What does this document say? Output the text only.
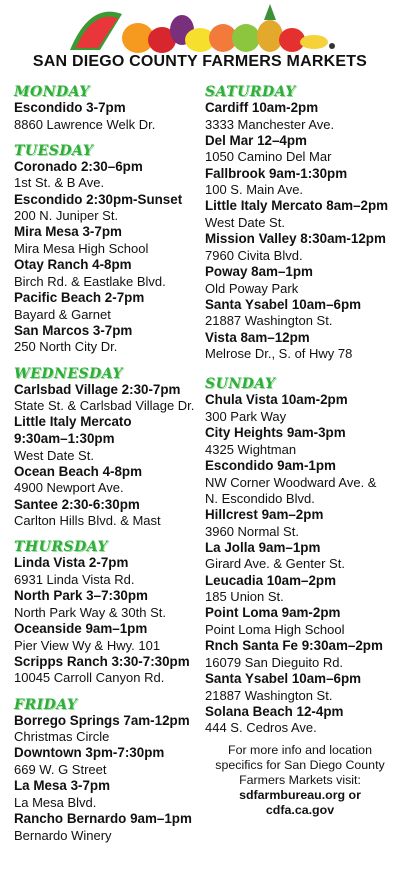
SAN DIEGO COUNTY FARMERS MARKETS
MONDAY
Escondido 3-7pm
8860 Lawrence Welk Dr.
TUESDAY
Coronado 2:30–6pm
1st St. & B Ave.
Escondido 2:30pm-Sunset
200 N. Juniper St.
Mira Mesa 3-7pm
Mira Mesa High School
Otay Ranch 4-8pm
Birch Rd. & Eastlake Blvd.
Pacific Beach 2-7pm
Bayard & Garnet
San Marcos 3-7pm
250 North City Dr.
WEDNESDAY
Carlsbad Village 2:30-7pm
State St. & Carlsbad Village Dr.
Little Italy Mercato
9:30am–1:30pm
West Date St.
Ocean Beach 4-8pm
4900 Newport Ave.
Santee 2:30-6:30pm
Carlton Hills Blvd. & Mast
THURSDAY
Linda Vista 2-7pm
6931 Linda Vista Rd.
North Park 3–7:30pm
North Park Way & 30th St.
Oceanside 9am–1pm
Pier View Wy & Hwy. 101
Scripps Ranch 3:30-7:30pm
10045 Carroll Canyon Rd.
FRIDAY
Borrego Springs 7am-12pm
Christmas Circle
Downtown 3pm-7:30pm
669 W. G Street
La Mesa 3-7pm
La Mesa Blvd.
Rancho Bernardo 9am–1pm
Bernardo Winery
SATURDAY
Cardiff 10am-2pm
3333 Manchester Ave.
Del Mar 12–4pm
1050 Camino Del Mar
Fallbrook 9am-1:30pm
100 S. Main Ave.
Little Italy Mercato 8am–2pm
West Date St.
Mission Valley 8:30am-12pm
7960 Civita Blvd.
Poway 8am–1pm
Old Poway Park
Santa Ysabel 10am–6pm
21887 Washington St.
Vista 8am–12pm
Melrose Dr., S. of Hwy 78
SUNDAY
Chula Vista 10am-2pm
300 Park Way
City Heights 9am-3pm
4325 Wightman
Escondido 9am-1pm
NW Corner Woodward Ave. &
N. Escondido Blvd.
Hillcrest 9am–2pm
3960 Normal St.
La Jolla 9am–1pm
Girard Ave. & Genter St.
Leucadia 10am–2pm
185 Union St.
Point Loma 9am-2pm
Point Loma High School
Rnch Santa Fe 9:30am–2pm
16079 San Dieguito Rd.
Santa Ysabel 10am–6pm
21887 Washington St.
Solana Beach 12-4pm
444 S. Cedros Ave.
For more info and location
specifics for San Diego County
Farmers Markets visit:
sdfarmbureau.org or cdfa.ca.gov
